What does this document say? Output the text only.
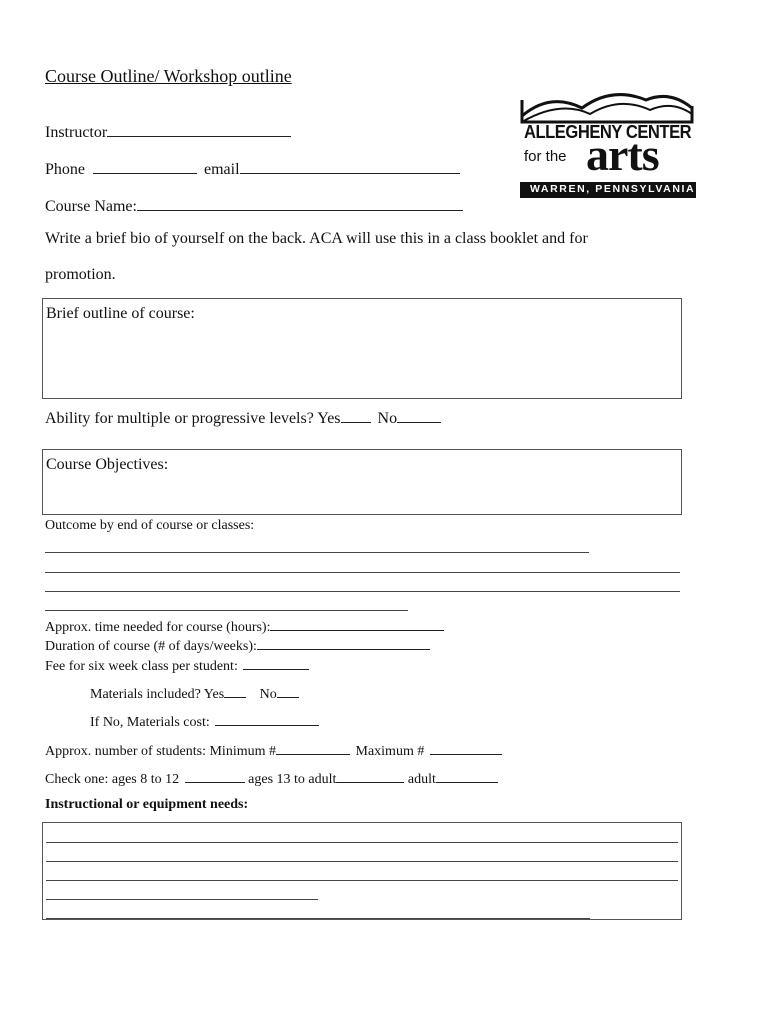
Course Outline/ Workshop outline
ALLEGHENY CENTER
for the arts
WARREN, PENNSYLVANIA
Instructor
Phone	email
Course Name:
Write a brief bio of yourself on the back. ACA will use this in a class booklet and for
promotion.
Brief outline of course:
Ability for multiple or progressive levels? Yes No
Course Objectives:
Outcome by end of course or classes:
Approx. time needed for course (hours):
Duration of course (# of days/weeks):
Fee for six week class per student:
Materials included? Yes	No
If No, Materials cost:
Approx. number of students: Minimum #	Maximum #
Check one: ages 8 to 12	ages 13 to adult	adult
Instructional or equipment needs:
